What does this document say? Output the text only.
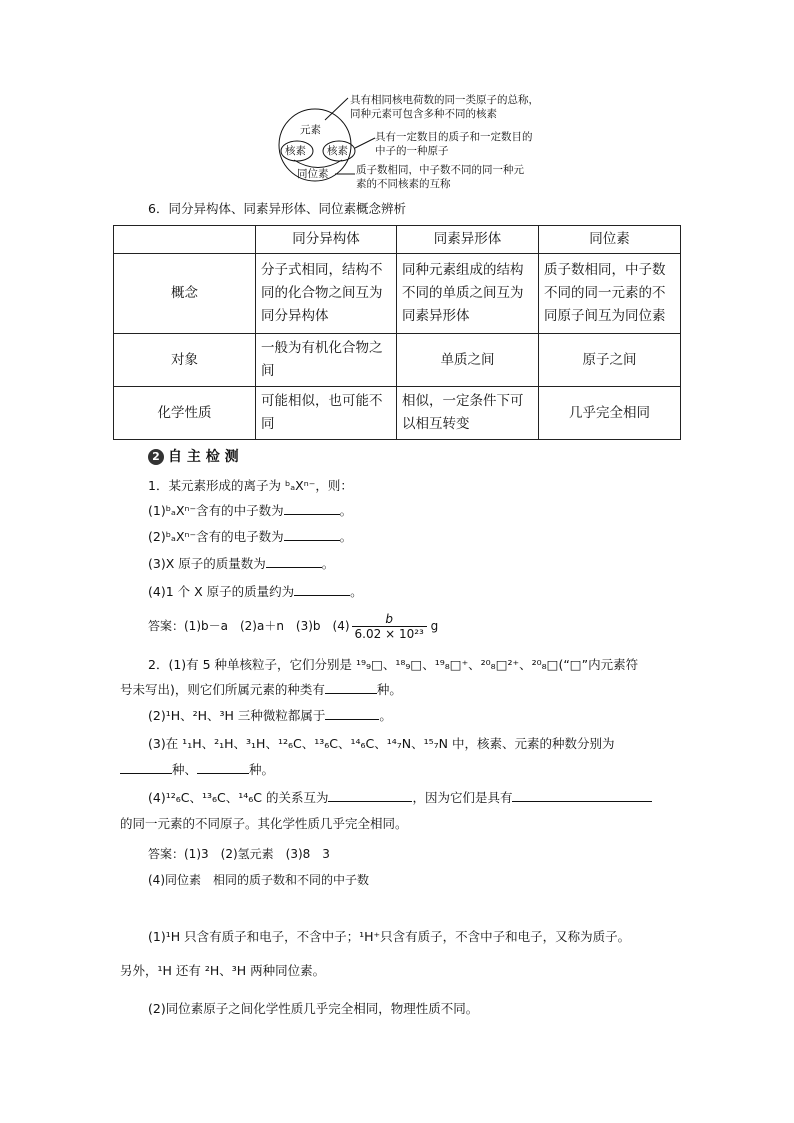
元素
核素 核素
同位素
具有相同核电荷数的同一类原子的总称，
同种元素可包含多种不同的核素
具有一定数目的质子和一定数目的
中子的一种原子
质子数相同，中子数不同的同一种元
素的不同核素的互称
6．同分异构体、同素异形体、同位素概念辨析
	同分异构体	同素异形体	同位素
概念	分子式相同，结构不同的化合物之间互为同分异构体	同种元素组成的结构不同的单质之间互为同素异形体	质子数相同，中子数不同的同一元素的不同原子间互为同位素
对象	一般为有机化合物之间	单质之间	原子之间
化学性质	可能相似，也可能不同	相似，一定条件下可以相互转变	几乎完全相同
2 自 主 检 测
1．某元素形成的离子为 ᵇₐXⁿ⁻，则：
(1)ᵇₐXⁿ⁻含有的中子数为	。
(2)ᵇₐXⁿ⁻含有的电子数为	。
(3)X 原子的质量数为	。
(4)1 个 X 原子的质量约为	。
答案：(1)b－a　(2)a＋n　(3)b　$(4) \frac{b}{\text{6.02 × 10²³}}$ g
2．(1)有 5 种单核粒子，它们分别是 ¹⁹₉□、¹⁸₉□、¹⁹₈□⁺、²⁰₈□²⁺、²⁰₈□(“□”内元素符
号未写出)，则它们所属元素的种类有	种。
(2)¹H、²H、³H 三种微粒都属于	。
(3)在 ¹₁H、²₁H、³₁H、¹²₆C、¹³₆C、¹⁴₆C、¹⁴₇N、¹⁵₇N 中，核素、元素的种数分别为
种、	种。
(4)¹²₆C、¹³₆C、¹⁴₆C 的关系互为	，因为它们是具有
的同一元素的不同原子。其化学性质几乎完全相同。
答案：(1)3　(2)氢元素　(3)8　3
(4)同位素　相同的质子数和不同的中子数
(1)¹H 只含有质子和电子，不含中子；¹H⁺只含有质子，不含中子和电子，又称为质子。
另外，¹H 还有 ²H、³H 两种同位素。
(2)同位素原子之间化学性质几乎完全相同，物理性质不同。
